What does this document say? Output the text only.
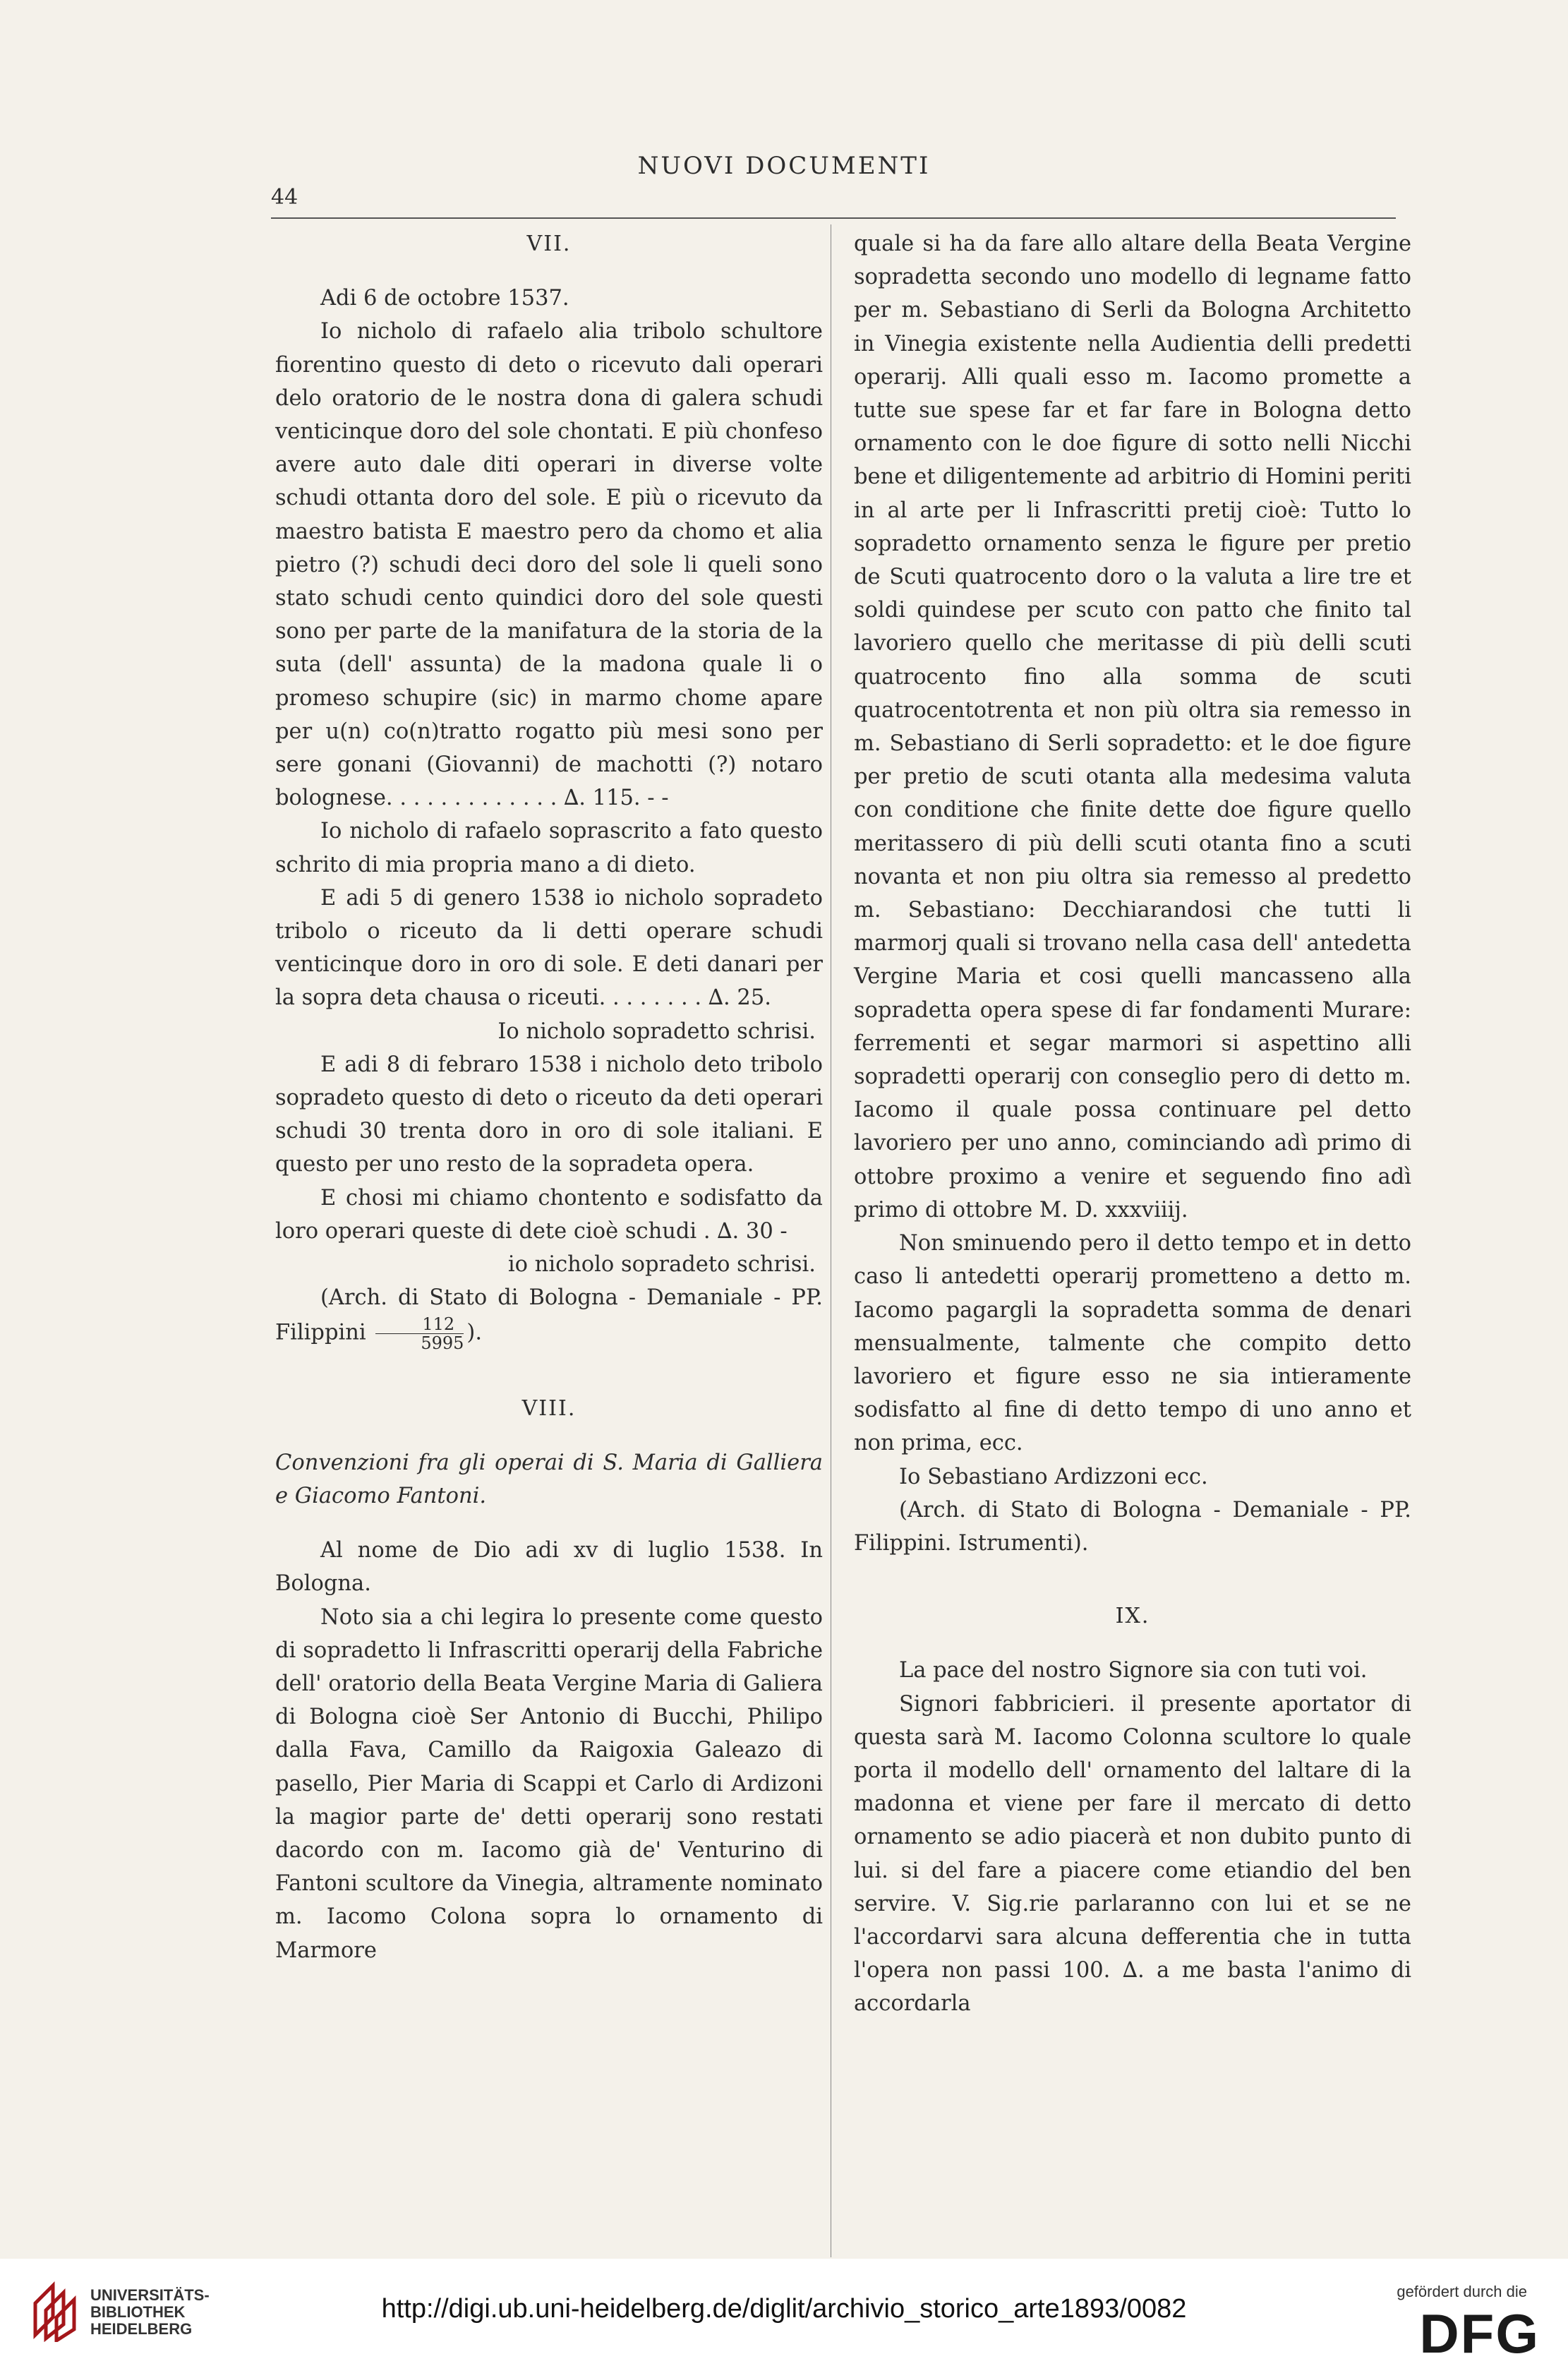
44
NUOVI DOCUMENTI

VII.

Adi 6 de octobre 1537.

Io nicholo di rafaelo alia tribolo schultore fiorentino questo di deto o ricevuto dali operari delo oratorio de le nostra dona di galera schudi venticinque doro del sole chontati. E più chonfeso avere auto dale diti operari in diverse volte schudi ottanta doro del sole. E più o ricevuto da maestro batista E maestro pero da chomo et alia pietro (?) schudi deci doro del sole li queli sono stato schudi cento quindici doro del sole questi sono per parte de la manifatura de la storia de la suta (dell' assunta) de la madona quale li o promeso schupire (sic) in marmo chome apare per u(n) co(n)tratto rogatto più mesi sono per sere gonani (Giovanni) de machotti (?) notaro bolognese. . . . . . . . . . . . . ∆. 115. - -

Io nicholo di rafaelo soprascrito a fato questo schrito di mia propria mano a di dieto.

E adi 5 di genero 1538 io nicholo sopradeto tribolo o riceuto da li detti operare schudi venticinque doro in oro di sole. E deti danari per la sopra deta chausa o riceuti. . . . . . . . ∆. 25.

Io nicholo sopradetto schrisi.

E adi 8 di febraro 1538 i nicholo deto tribolo sopradeto questo di deto o riceuto da deti operari schudi 30 trenta doro in oro di sole italiani. E questo per uno resto de la sopradeta opera.

E chosi mi chiamo chontento e sodisfatto da loro operari queste di dete cioè schudi . ∆. 30 -

io nicholo sopradeto schrisi.

(Arch. di Stato di Bologna - Demaniale - PP. Filippini $\frac{112}{5995}$ ).

VIII.

Convenzioni fra gli operai di S. Maria di Galliera e Giacomo Fantoni.

Al nome de Dio adi xv di luglio 1538. In Bologna.

Noto sia a chi legira lo presente come questo di sopradetto li Infrascritti operarij della Fabriche dell' oratorio della Beata Vergine Maria di Galiera di Bologna cioè Ser Antonio di Bucchi, Philipo dalla Fava, Camillo da Raigoxia Galeazo di pasello, Pier Maria di Scappi et Carlo di Ardizoni la magior parte de' detti operarij sono restati dacordo con m. Iacomo già de' Venturino di Fantoni scultore da Vinegia, altramente nominato m. Iacomo Colona sopra lo ornamento di Marmore

quale si ha da fare allo altare della Beata Vergine sopradetta secondo uno modello di legname fatto per m. Sebastiano di Serli da Bologna Architetto in Vinegia existente nella Audientia delli predetti operarij. Alli quali esso m. Iacomo promette a tutte sue spese far et far fare in Bologna detto ornamento con le doe figure di sotto nelli Nicchi bene et diligentemente ad arbitrio di Homini periti in al arte per li Infrascritti pretij cioè: Tutto lo sopradetto ornamento senza le figure per pretio de Scuti quatrocento doro o la valuta a lire tre et soldi quindese per scuto con patto che finito tal lavoriero quello che meritasse di più delli scuti quatrocento fino alla somma de scuti quatrocentotrenta et non più oltra sia remesso in m. Sebastiano di Serli sopradetto: et le doe figure per pretio de scuti otanta alla medesima valuta con conditione che finite dette doe figure quello meritassero di più delli scuti otanta fino a scuti novanta et non piu oltra sia remesso al predetto m. Sebastiano: Decchiarandosi che tutti li marmorj quali si trovano nella casa dell' antedetta Vergine Maria et cosi quelli mancasseno alla sopradetta opera spese di far fondamenti Murare: ferrementi et segar marmori si aspettino alli sopradetti operarij con conseglio pero di detto m. Iacomo il quale possa continuare pel detto lavoriero per uno anno, cominciando adì primo di ottobre proximo a venire et seguendo fino adì primo di ottobre M. D. xxxviiij.

Non sminuendo pero il detto tempo et in detto caso li antedetti operarij prometteno a detto m. Iacomo pagargli la sopradetta somma de denari mensualmente, talmente che compito detto lavoriero et figure esso ne sia intieramente sodisfatto al fine di detto tempo di uno anno et non prima, ecc.

Io Sebastiano Ardizzoni ecc.

(Arch. di Stato di Bologna - Demaniale - PP. Filippini. Istrumenti).

IX.

La pace del nostro Signore sia con tuti voi.

Signori fabbricieri. il presente aportator di questa sarà M. Iacomo Colonna scultore lo quale porta il modello dell' ornamento del laltare di la madonna et viene per fare il mercato di detto ornamento se adio piacerà et non dubito punto di lui. si del fare a piacere come etiandio del ben servire. V. Sig.rie parlaranno con lui et se ne l'accordarvi sara alcuna defferentia che in tutta l'opera non passi 100. ∆. a me basta l'animo di accordarla

UNIVERSITÄTS-
BIBLIOTHEK
HEIDELBERG
http://digi.ub.uni-heidelberg.de/diglit/archivio_storico_arte1893/0082
gefördert durch die
DFG
